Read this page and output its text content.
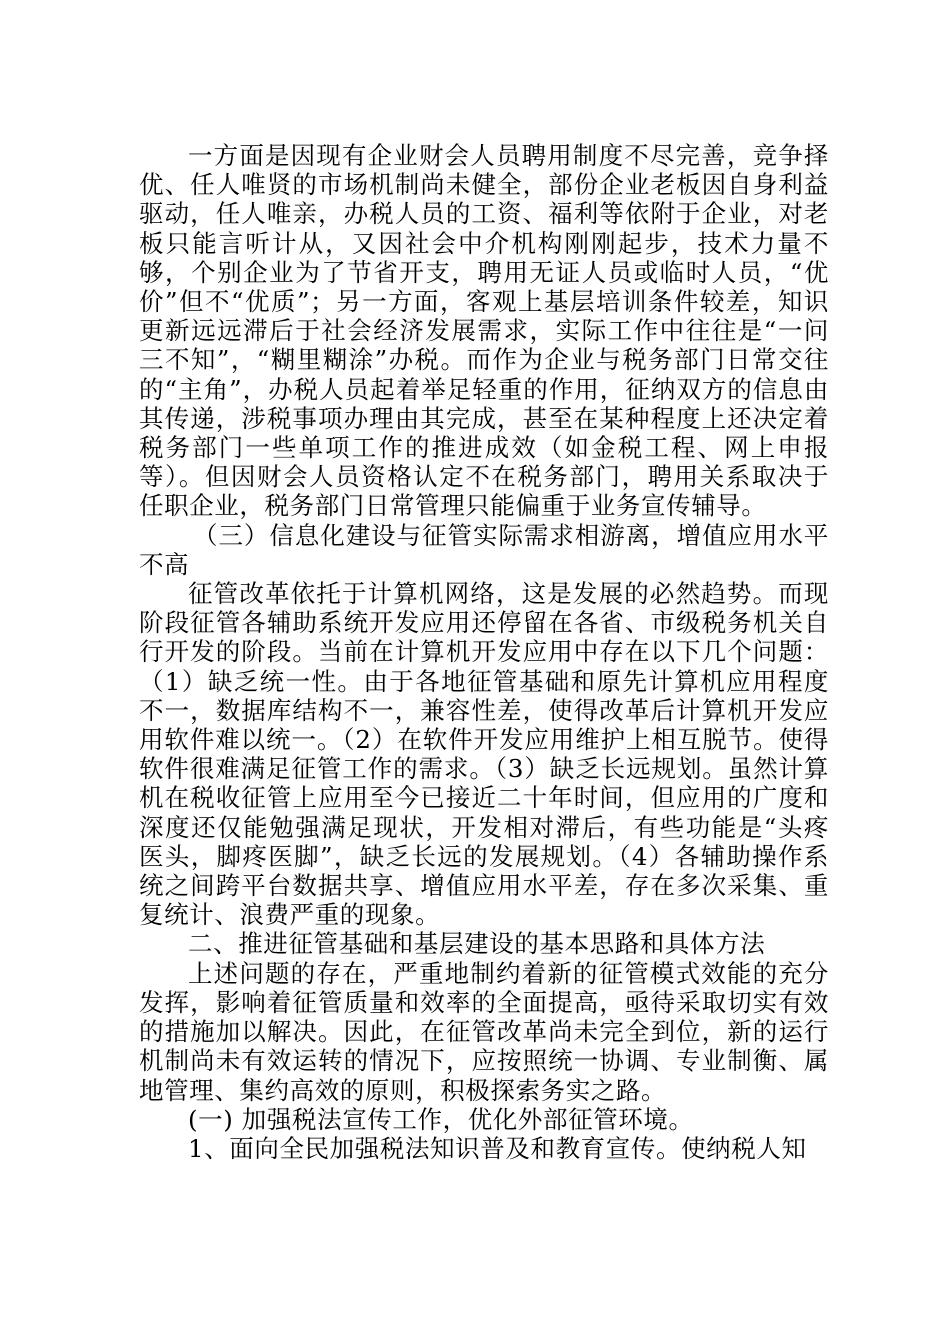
一方面是因现有企业财会人员聘用制度不尽完善，竞争择优、任人唯贤的市场机制尚未健全，部份企业老板因自身利益驱动，任人唯亲，办税人员的工资、福利等依附于企业，对老板只能言听计从，又因社会中介机构刚刚起步，技术力量不够，个别企业为了节省开支，聘用无证人员或临时人员，“优价”但不“优质”；另一方面，客观上基层培训条件较差，知识更新远远滞后于社会经济发展需求，实际工作中往往是“一问三不知”，“糊里糊涂”办税。而作为企业与税务部门日常交往的“主角”，办税人员起着举足轻重的作用，征纳双方的信息由其传递，涉税事项办理由其完成，甚至在某种程度上还决定着税务部门一些单项工作的推进成效（如金税工程、网上申报等）。但因财会人员资格认定不在税务部门，聘用关系取决于任职企业，税务部门日常管理只能偏重于业务宣传辅导。

（三）信息化建设与征管实际需求相游离，增值应用水平不高

征管改革依托于计算机网络，这是发展的必然趋势。而现阶段征管各辅助系统开发应用还停留在各省、市级税务机关自行开发的阶段。当前在计算机开发应用中存在以下几个问题：（1）缺乏统一性。由于各地征管基础和原先计算机应用程度不一，数据库结构不一，兼容性差，使得改革后计算机开发应用软件难以统一。（2）在软件开发应用维护上相互脱节。使得软件很难满足征管工作的需求。（3）缺乏长远规划。虽然计算机在税收征管上应用至今已接近二十年时间，但应用的广度和深度还仅能勉强满足现状，开发相对滞后，有些功能是“头疼医头，脚疼医脚”，缺乏长远的发展规划。（4）各辅助操作系统之间跨平台数据共享、增值应用水平差，存在多次采集、重复统计、浪费严重的现象。

二、推进征管基础和基层建设的基本思路和具体方法

上述问题的存在，严重地制约着新的征管模式效能的充分发挥，影响着征管质量和效率的全面提高，亟待采取切实有效的措施加以解决。因此，在征管改革尚未完全到位，新的运行机制尚未有效运转的情况下，应按照统一协调、专业制衡、属地管理、集约高效的原则，积极探索务实之路。

(一) 加强税法宣传工作，优化外部征管环境。

1、面向全民加强税法知识普及和教育宣传。使纳税人知
